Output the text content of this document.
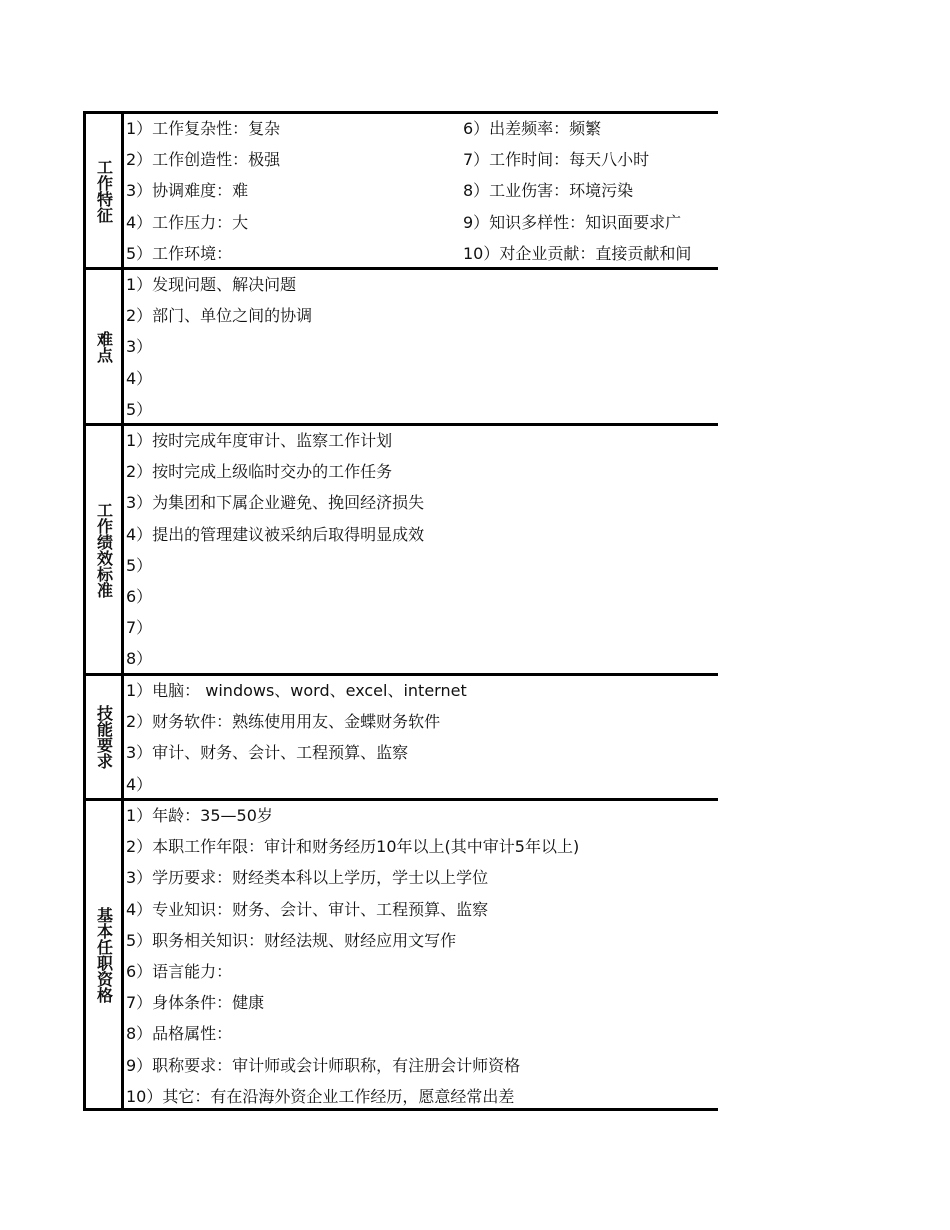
工作特征
1）工作复杂性：复杂	6）出差频率：频繁
2）工作创造性：极强	7）工作时间：每天八小时
3）协调难度：难	8）工业伤害：环境污染
4）工作压力：大	9）知识多样性：知识面要求广
5）工作环境：	10）对企业贡献：直接贡献和间
难点
1）发现问题、解决问题
2）部门、单位之间的协调
3）
4）
5）
工作绩效标准
1）按时完成年度审计、监察工作计划
2）按时完成上级临时交办的工作任务
3）为集团和下属企业避免、挽回经济损失
4）提出的管理建议被采纳后取得明显成效
5）
6）
7）
8）
技能要求
1）电脑： windows、word、excel、internet
2）财务软件：熟练使用用友、金蝶财务软件
3）审计、财务、会计、工程预算、监察
4）
基本任职资格
1）年龄：35—50岁
2）本职工作年限：审计和财务经历10年以上(其中审计5年以上)
3）学历要求：财经类本科以上学历，学士以上学位
4）专业知识：财务、会计、审计、工程预算、监察
5）职务相关知识：财经法规、财经应用文写作
6）语言能力：
7）身体条件：健康
8）品格属性：
9）职称要求：审计师或会计师职称，有注册会计师资格
10）其它：有在沿海外资企业工作经历，愿意经常出差
